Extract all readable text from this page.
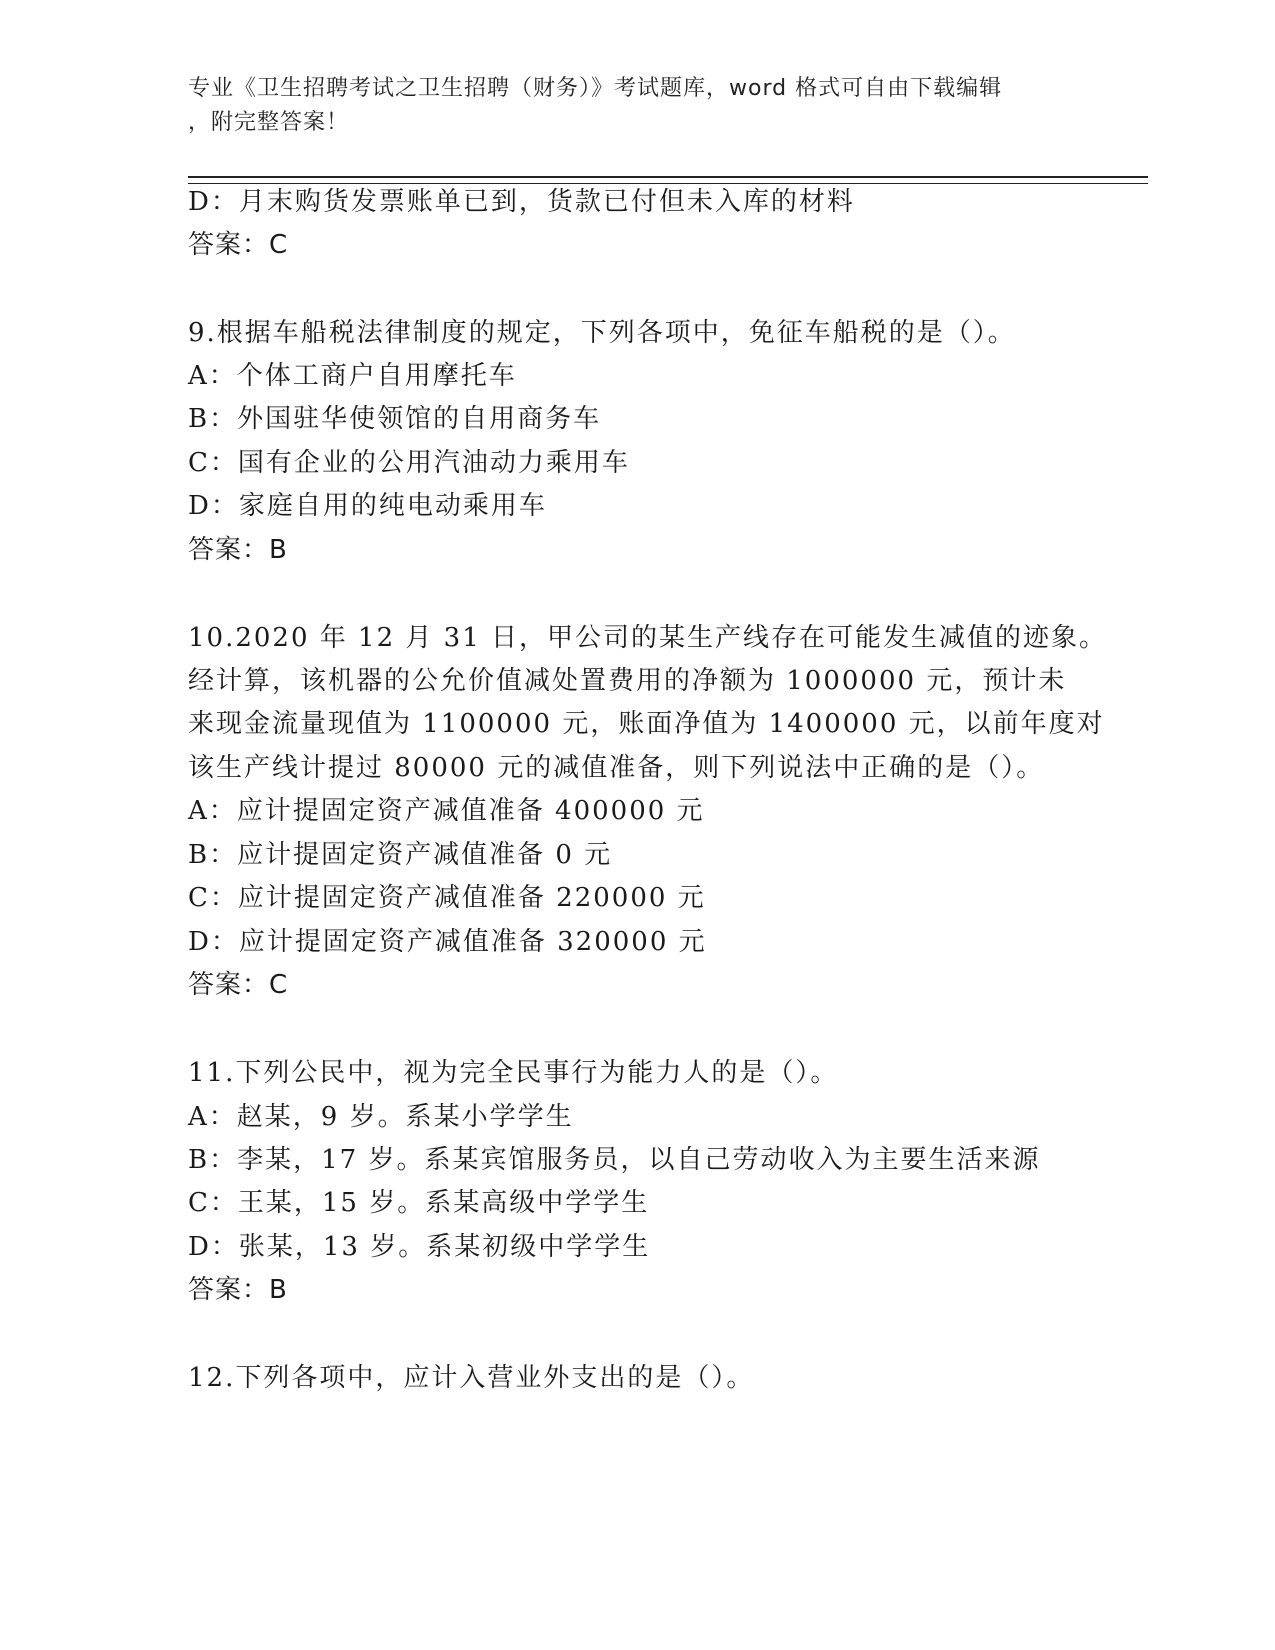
专业《卫生招聘考试之卫生招聘（财务）》考试题库，word 格式可自由下载编辑

，附完整答案！

D：月末购货发票账单已到，货款已付但未入库的材料

答案：C

9.根据车船税法律制度的规定，下列各项中，免征车船税的是（）。

A：个体工商户自用摩托车

B：外国驻华使领馆的自用商务车

C：国有企业的公用汽油动力乘用车

D：家庭自用的纯电动乘用车

答案：B

10.2020 年 12 月 31 日，甲公司的某生产线存在可能发生减值的迹象。

经计算，该机器的公允价值减处置费用的净额为 1000000 元，预计未

来现金流量现值为 1100000 元，账面净值为 1400000 元，以前年度对

该生产线计提过 80000 元的减值准备，则下列说法中正确的是（）。

A：应计提固定资产减值准备 400000 元

B：应计提固定资产减值准备 0 元

C：应计提固定资产减值准备 220000 元

D：应计提固定资产减值准备 320000 元

答案：C

11.下列公民中，视为完全民事行为能力人的是（）。

A：赵某，9 岁。系某小学学生

B：李某，17 岁。系某宾馆服务员，以自己劳动收入为主要生活来源

C：王某，15 岁。系某高级中学学生

D：张某，13 岁。系某初级中学学生

答案：B

12.下列各项中，应计入营业外支出的是（）。
